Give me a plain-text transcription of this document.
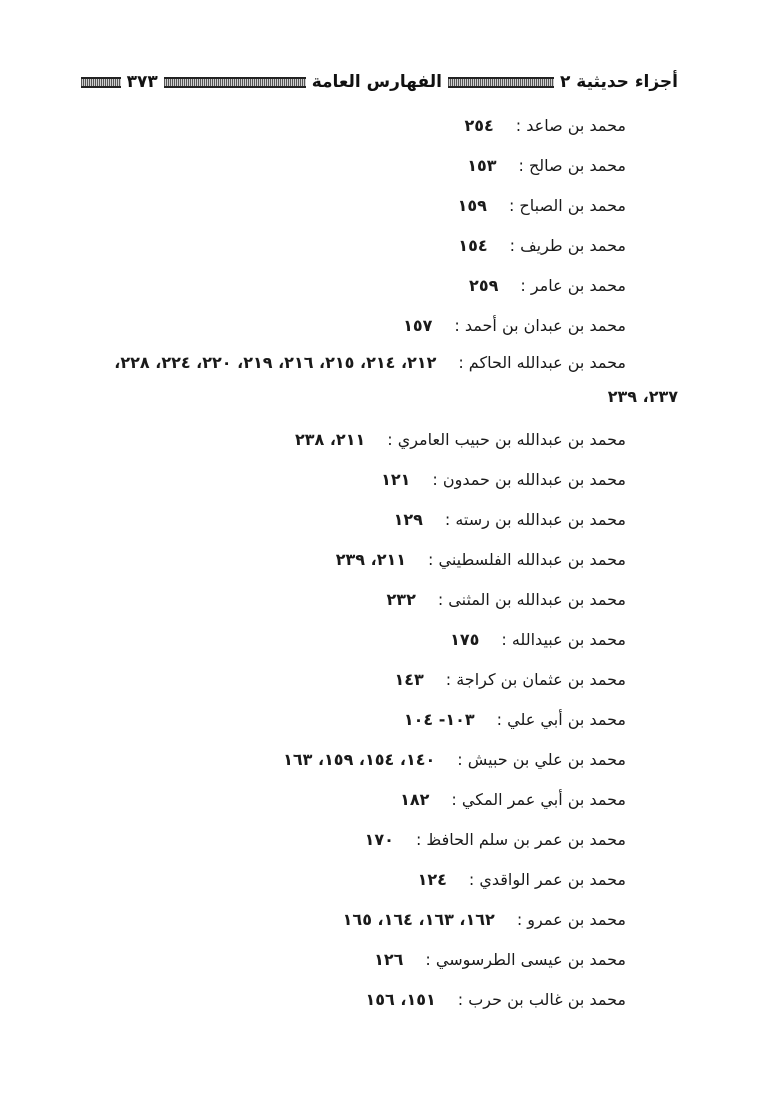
أجزاء حديثية ٢
الفهارس العامة
٣٧٣
محمد بن صاعد :٢٥٤
محمد بن صالح :١٥٣
محمد بن الصباح :١٥٩
محمد بن طريف :١٥٤
محمد بن عامر :٢٥٩
محمد بن عبدان بن أحمد :١٥٧
محمد بن عبدالله الحاكم :٢١٢، ٢١٤، ٢١٥، ٢١٦، ٢١٩، ٢٢٠، ٢٢٤، ٢٢٨، ٢٣٧، ٢٣٩
محمد بن عبدالله بن حبيب العامري :٢١١، ٢٣٨
محمد بن عبدالله بن حمدون :١٢١
محمد بن عبدالله بن رسته :١٢٩
محمد بن عبدالله الفلسطيني :٢١١، ٢٣٩
محمد بن عبدالله بن المثنى :٢٣٢
محمد بن عبيدالله :١٧٥
محمد بن عثمان بن كراجة :١٤٣
محمد بن أبي علي :١٠٣- ١٠٤
محمد بن علي بن حبيش :١٤٠، ١٥٤، ١٥٩، ١٦٣
محمد بن أبي عمر المكي :١٨٢
محمد بن عمر بن سلم الحافظ :١٧٠
محمد بن عمر الواقدي :١٢٤
محمد بن عمرو :١٦٢، ١٦٣، ١٦٤، ١٦٥
محمد بن عيسى الطرسوسي :١٢٦
محمد بن غالب بن حرب :١٥١، ١٥٦
